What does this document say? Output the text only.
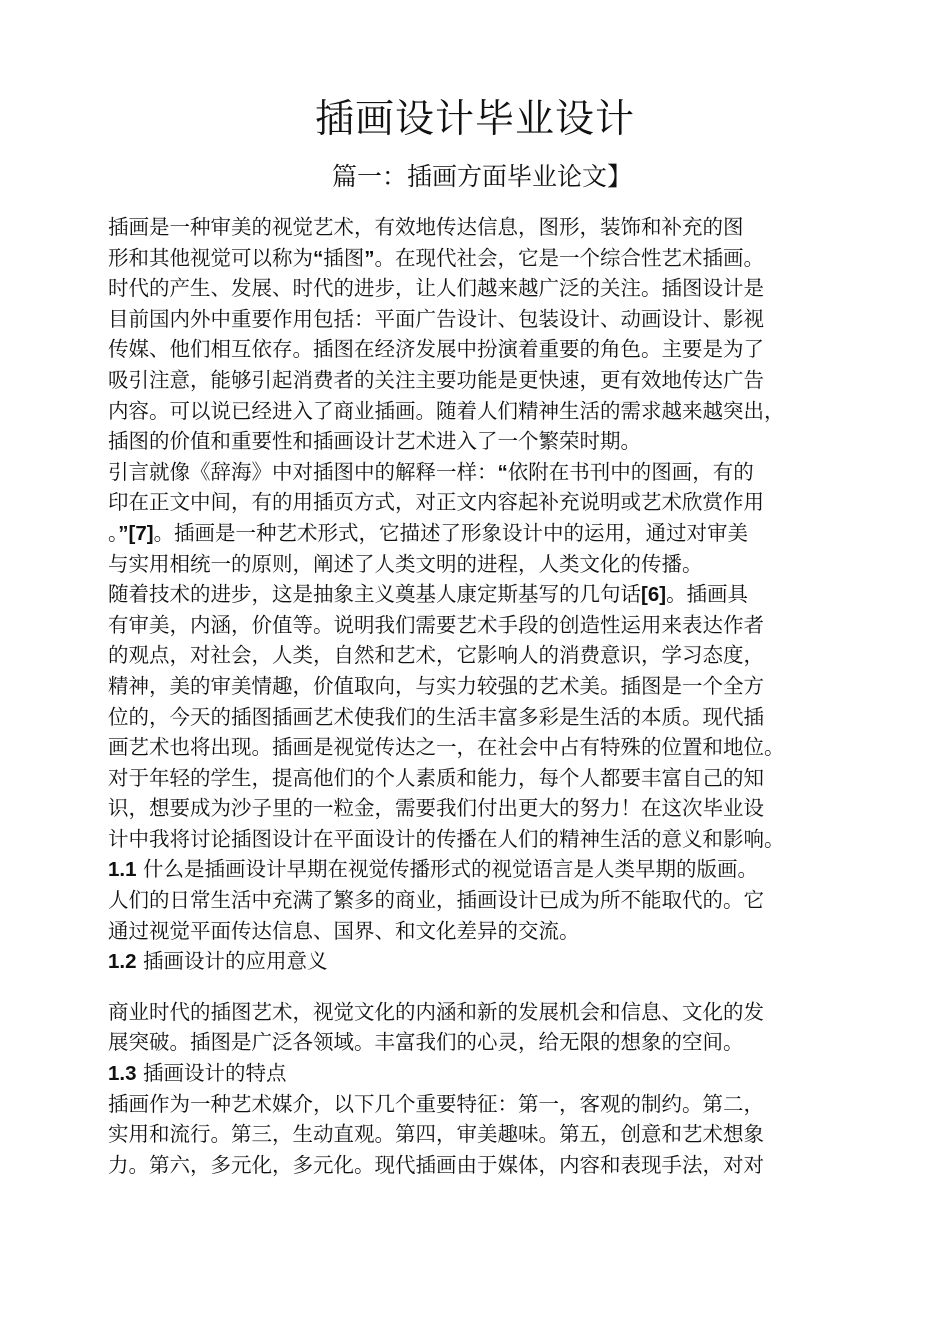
插画设计毕业设计
篇一：插画方面毕业论文】
插画是一种审美的视觉艺术，有效地传达信息，图形，装饰和补充的图
形和其他视觉可以称为“插图”。在现代社会，它是一个综合性艺术插画。
时代的产生、发展、时代的进步，让人们越来越广泛的关注。插图设计是
目前国内外中重要作用包括：平面广告设计、包装设计、动画设计、影视
传媒、他们相互依存。插图在经济发展中扮演着重要的角色。主要是为了
吸引注意，能够引起消费者的关注主要功能是更快速，更有效地传达广告
内容。可以说已经进入了商业插画。随着人们精神生活的需求越来越突出，
插图的价值和重要性和插画设计艺术进入了一个繁荣时期。
引言就像《辞海》中对插图中的解释一样：“依附在书刊中的图画，有的
印在正文中间，有的用插页方式，对正文内容起补充说明或艺术欣赏作用
。”[7]。插画是一种艺术形式，它描述了形象设计中的运用，通过对审美
与实用相统一的原则，阐述了人类文明的进程，人类文化的传播。
随着技术的进步，这是抽象主义奠基人康定斯基写的几句话[6]。插画具
有审美，内涵，价值等。说明我们需要艺术手段的创造性运用来表达作者
的观点，对社会，人类，自然和艺术，它影响人的消费意识，学习态度，
精神，美的审美情趣，价值取向，与实力较强的艺术美。插图是一个全方
位的，今天的插图插画艺术使我们的生活丰富多彩是生活的本质。现代插
画艺术也将出现。插画是视觉传达之一，在社会中占有特殊的位置和地位。
对于年轻的学生，提高他们的个人素质和能力，每个人都要丰富自己的知
识，想要成为沙子里的一粒金，需要我们付出更大的努力！在这次毕业设
计中我将讨论插图设计在平面设计的传播在人们的精神生活的意义和影响。
1.1 什么是插画设计早期在视觉传播形式的视觉语言是人类早期的版画。
人们的日常生活中充满了繁多的商业，插画设计已成为所不能取代的。它
通过视觉平面传达信息、国界、和文化差异的交流。
1.2 插画设计的应用意义
商业时代的插图艺术，视觉文化的内涵和新的发展机会和信息、文化的发
展突破。插图是广泛各领域。丰富我们的心灵，给无限的想象的空间。
1.3 插画设计的特点
插画作为一种艺术媒介，以下几个重要特征：第一，客观的制约。第二，
实用和流行。第三，生动直观。第四，审美趣味。第五，创意和艺术想象
力。第六，多元化，多元化。现代插画由于媒体，内容和表现手法，对对
